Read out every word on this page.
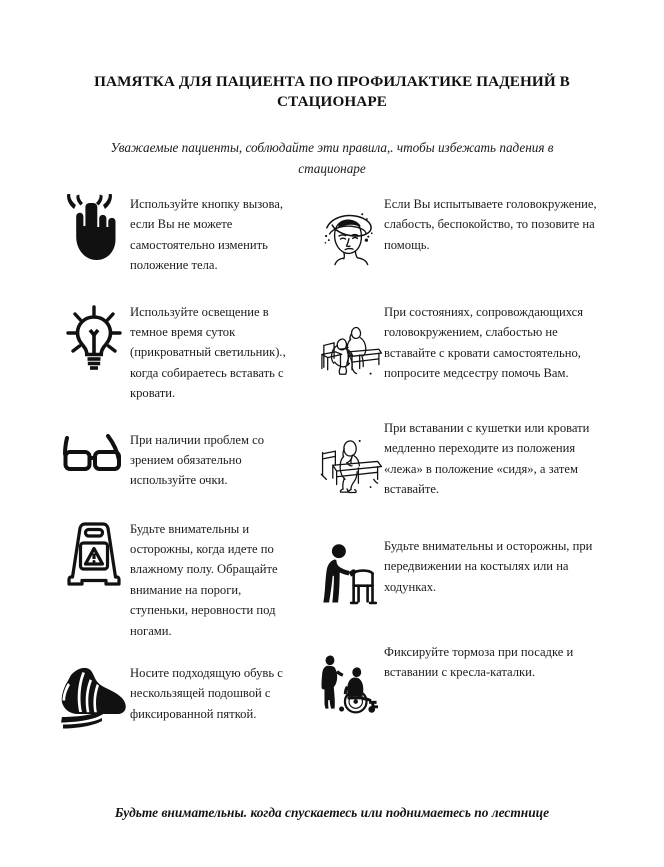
ПАМЯТКА ДЛЯ ПАЦИЕНТА ПО ПРОФИЛАКТИКЕ ПАДЕНИЙ В СТАЦИОНАРЕ

Уважаемые пациенты, соблюдайте эти правила,. чтобы избежать падения в стационаре

Используйте кнопку вызова, если Вы не можете самостоятельно изменить положение тела.
Используйте освещение в темное время суток (прикроватный светильник)., когда собираетесь вставать с кровати.
При наличии проблем со зрением обязательно используйте очки.
Будьте внимательны и осторожны, когда идете по влажному полу. Обращайте внимание на пороги, ступеньки, неровности под ногами.
Носите подходящую обувь с нескользящей подошвой с фиксированной пяткой.
Если Вы испытываете головокружение, слабость, беспокойство, то позовите на помощь.
При состояниях, сопровождающихся головокружением, слабостью не вставайте с кровати самостоятельно, попросите медсестру помочь Вам.
При вставании с кушетки или кровати медленно переходите из положения «лежа» в положение «сидя», а затем вставайте.
Будьте внимательны и осторожны, при передвижении на костылях или на ходунках.
Фиксируйте тормоза при посадке и вставании с кресла-каталки.
Будьте внимательны. когда спускаетесь или поднимаетесь по лестнице
